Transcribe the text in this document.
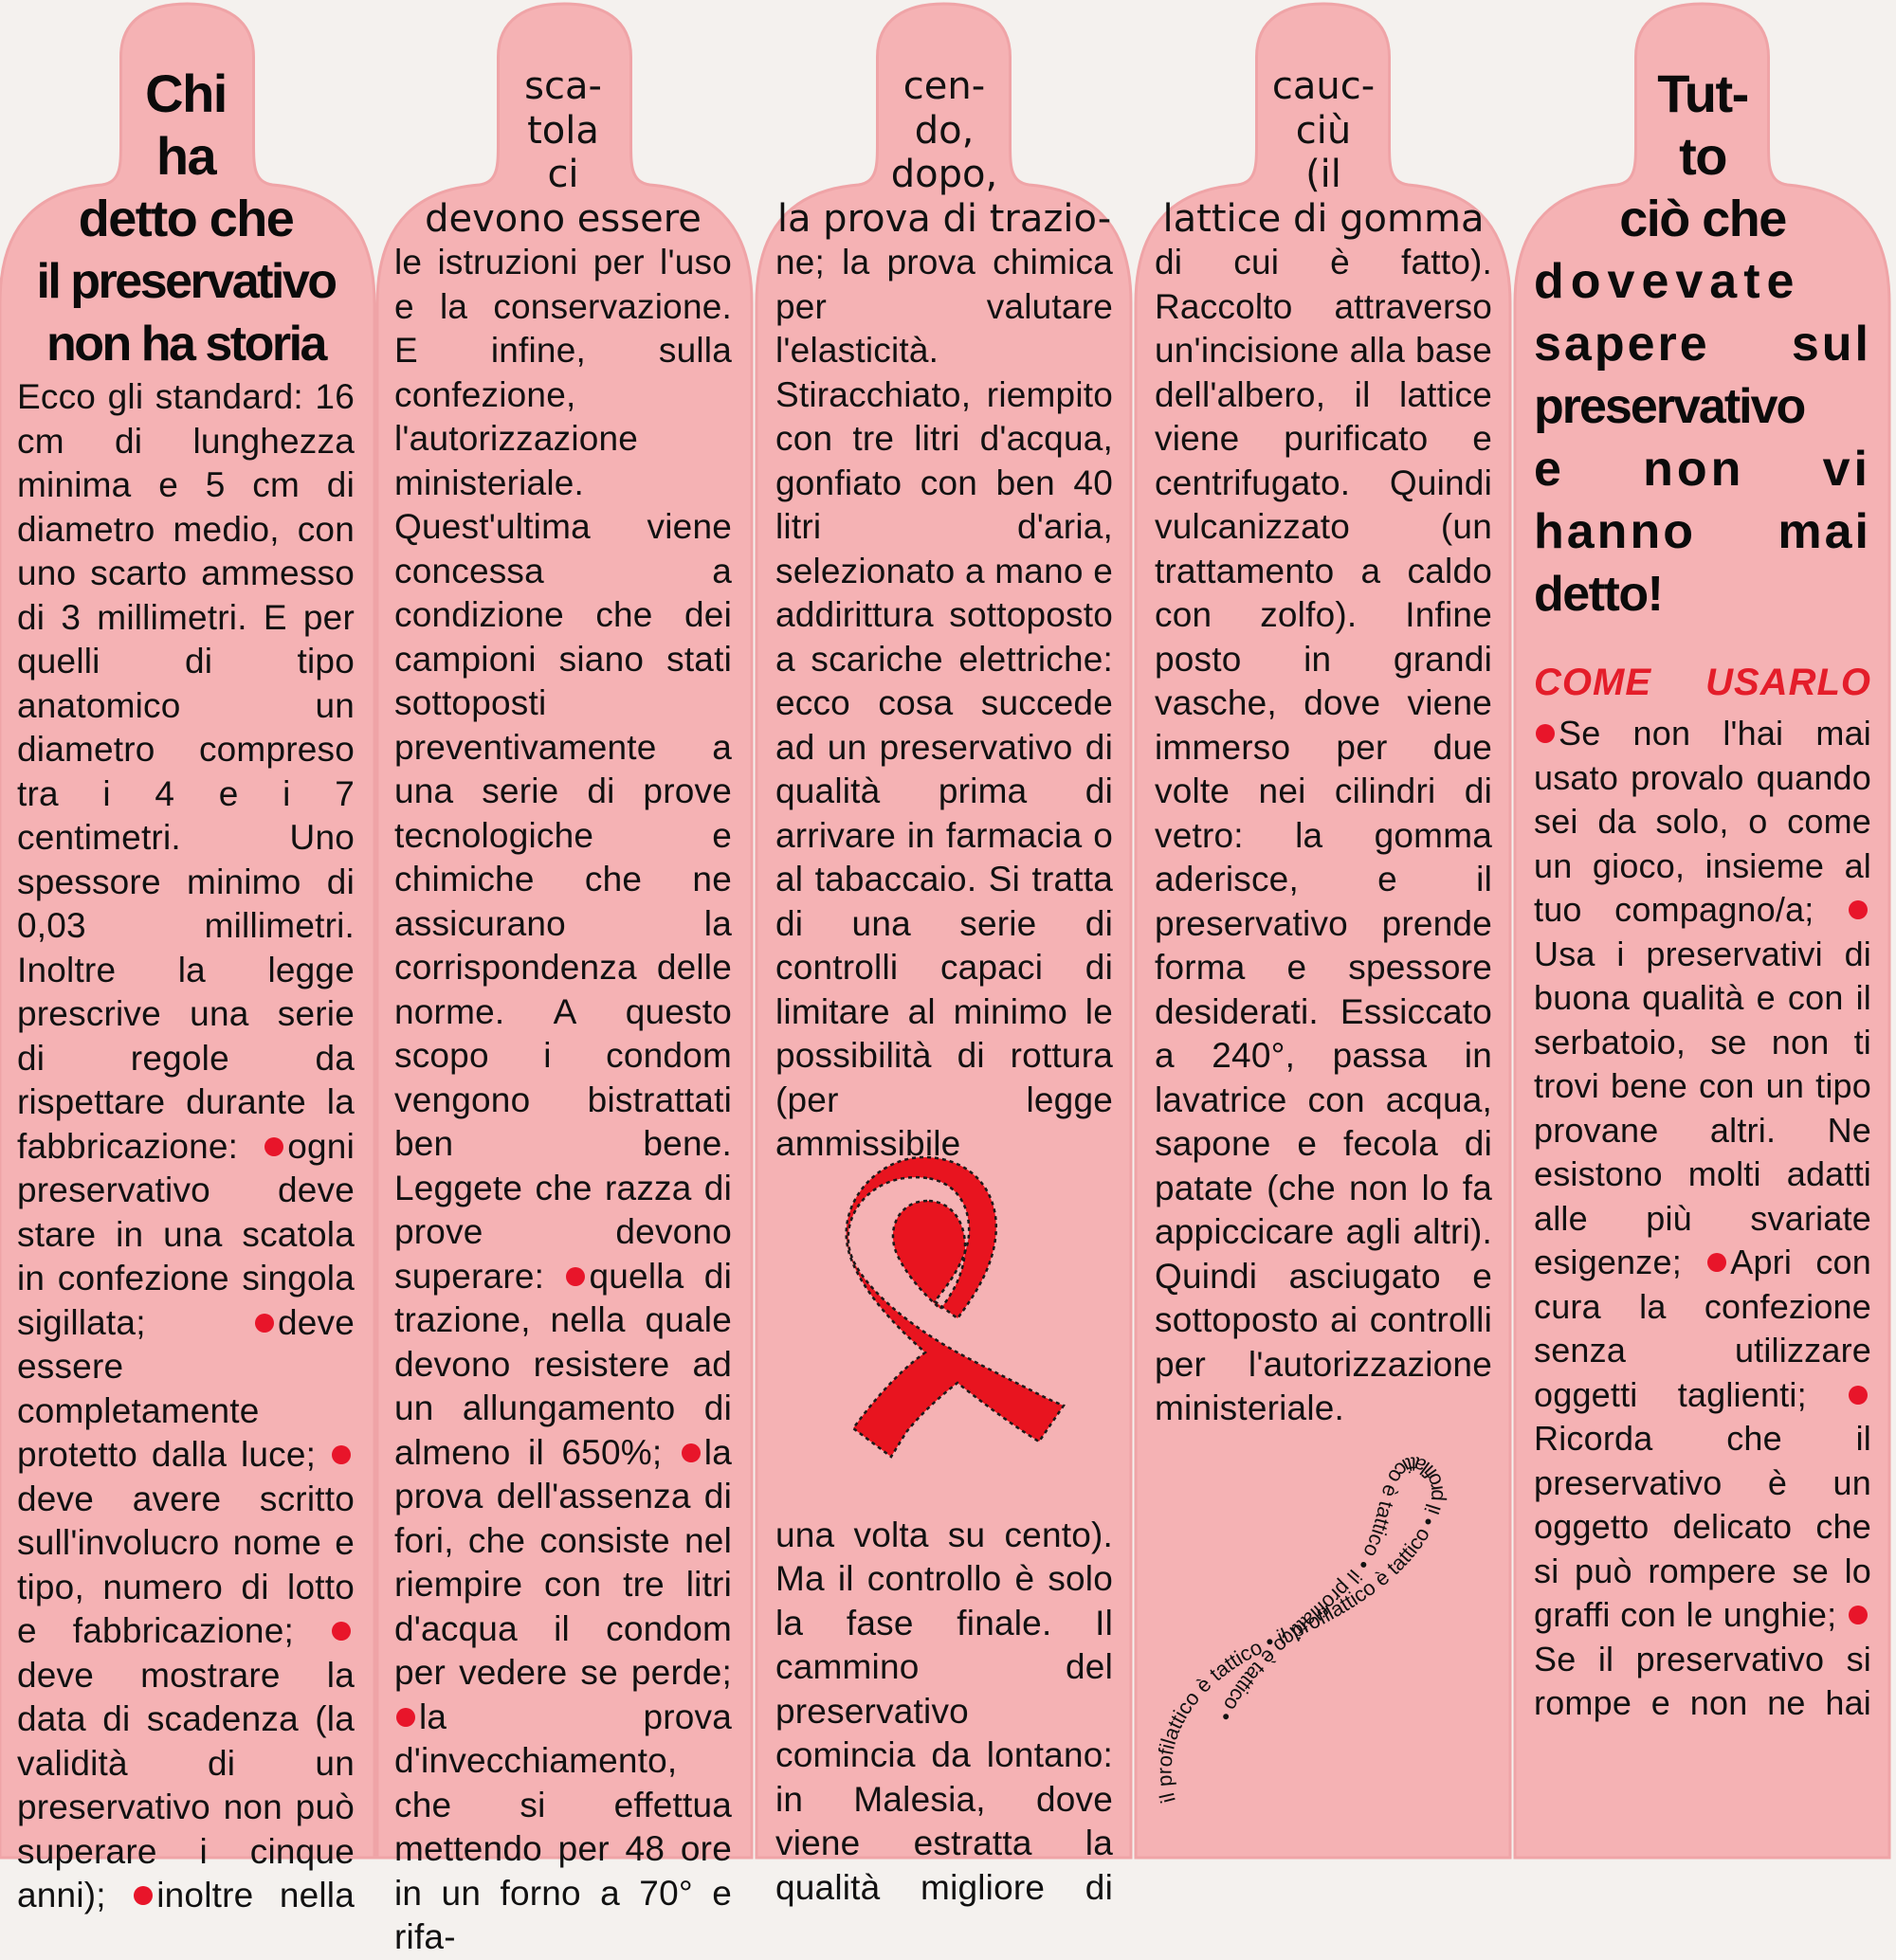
Chi
ha
detto che
il preservativo
non ha storia

Ecco gli standard: 16 cm di lunghezza minima e 5 cm di diametro medio, con uno scarto ammesso di 3 millimetri. E per quelli di tipo anatomico un diametro compreso tra i 4 e i 7 centimetri. Uno spessore minimo di 0,03 millimetri. Inoltre la legge prescrive una serie di regole da rispettare durante la fabbricazione: ogni preservativo deve stare in una scatola in confezione singola sigillata;	deve essere completamente protetto dalla luce; deve avere scritto sull'involucro nome e tipo, numero di lotto e fabbricazione; deve mostrare la data di scadenza (la validità di un preservativo non può superare i cinque anni); inoltre nella

sca-
tola
ci
devono essere

le istruzioni per l'uso e la conservazione. E infine, sulla confezione, l'autorizzazione ministeriale. Quest'ultima viene concessa a condizione che dei campioni siano stati sottoposti preventivamente a una serie di prove tecnologiche e chimiche che ne assicurano la corrispondenza delle norme. A questo scopo i condom vengono bistrattati ben bene.

Leggete che razza di prove devono superare: quella di trazione, nella quale devono resistere ad un allungamento di almeno il 650%; la prova dell'assenza di fori, che consiste nel riempire con tre litri d'acqua il condom per vedere se perde; la prova d'invecchiamento, che si effettua mettendo per 48 ore in un forno a 70° e rifa-

cen-
do,
dopo,
la prova di trazio-

ne; la prova chimica per valutare l'elasticità. Stiracchiato, riempito con tre litri d'acqua, gonfiato con ben 40 litri d'aria, selezionato a mano e addirittura sottoposto a scariche elettriche: ecco cosa succede ad un preservativo di qualità prima di arrivare in farmacia o al tabaccaio. Si tratta di una serie di controlli capaci di limitare al minimo le possibilità di rottura (per legge ammissibile

una volta su cento). Ma il controllo è solo la fase finale. Il cammino del preservativo comincia da lontano: in Malesia, dove viene estratta la qualità migliore di

cauc-
ciù
(il
lattice di gomma

di cui è fatto). Raccolto attraverso un'incisione alla base dell'albero, il lattice viene purificato e centrifugato. Quindi vulcanizzato (un trattamento a caldo con zolfo). Infine posto in grandi vasche, dove viene immerso per due volte nei cilindri di vetro: la gomma aderisce, e il preservativo prende forma e spessore desiderati. Essiccato a 240°, passa in lavatrice con acqua, sapone e fecola di patate (che non lo fa appiccicare agli altri). Quindi asciugato e sottoposto ai controlli per l'autorizzazione ministeriale.

Tut-
to
ciò che
dovevate
sapere sul
preservativo
e non vi
hanno mai
detto!
COME USARLO

Se non l'hai mai usato provalo quando sei da solo, o come un gioco, insieme al tuo compagno/a; Usa i preservativi di buona qualità e con il serbatoio, se non ti trovi bene con un tipo provane altri. Ne esistono molti adatti alle più svariate esigenze; Apri con cura la confezione senza utilizzare oggetti taglienti; Ricorda che il preservativo è un oggetto delicato che si può rompere se lo graffi con le unghie; Se il preservativo si rompe e non ne hai

il profilattico è tattico • il profilattico è tattico • il profilattico è tattico • il profilattico è tattico •
